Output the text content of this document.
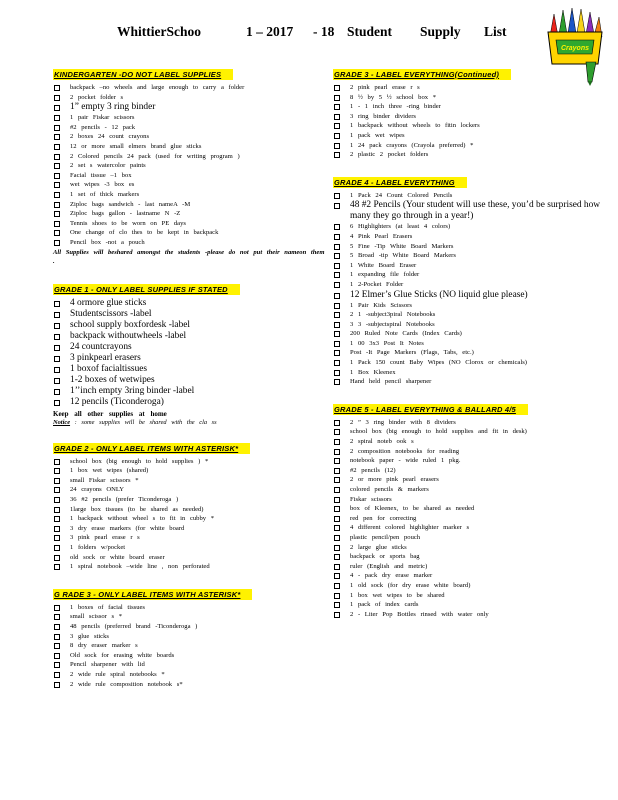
WhittierSchoo	1 – 2017 - 18 Student Supply List
Crayons
KINDERGARTEN -DO NOT LABEL SUPPLIES
backpack –no wheels and large enough to carry a folder
2 pocket folder s
1” empty 3 ring binder
1 pair Fiskar scissors
#2 pencils - 12 pack
2 boxes 24 count crayons
12 or more small elmers brand glue sticks
2 Colored pencils 24 pack (used for writing program )
2 set s watercolor paints
Facial tissue –1 box
wet wipes -3 box es
1 set of thick markers
Ziploc bags sandwich - last nameA -M
Ziploc bags gallon - lastname N -Z
Tennis shoes to be worn on PE days
One change of clo thes to be kept in backpack
Pencil box -not a pouch
All Supplies will beshared amongst the students -please do not put their nameon them .
GRADE 1 - ONLY LABEL SUPPLIES IF STATED
4 ormore glue sticks
Studentscissors -label
school supply boxfordesk -label
backpack withoutwheels -label
24 countcrayons
3 pinkpearl erasers
1 boxof facialtissues
1-2 boxes of wetwipes
1’’inch empty 3ring binder -label
12 pencils (Ticonderoga)
Keep all other supplies at home
Notice : some supplies will be shared with the cla ss
GRADE 2 - ONLY LABEL ITEMS WITH ASTERISK*
school box (big enough to hold supplies ) *
1 box wet wipes (shared)
small Fiskar scissors *
24 crayons ONLY
36 #2 pencils (prefer Ticonderoga )
1large box tissues (to be shared as needed)
1 backpack without wheel s to fit in cubby *
3 dry erase markers (for white board
3 pink pearl erase r s
1 folders w/pocket
old sock or white board eraser
1 spiral notebook –wide line , non perforated
G RADE 3 - ONLY LABEL ITEMS WITH ASTERISK*
1 boxes of facial tissues
small scissor s *
48 pencils (preferred brand -Ticonderoga )
3 glue sticks
8 dry eraser marker s
Old sock for erasing white boards
Pencil sharpener with lid
2 wide rule spiral notebooks *
2 wide rule composition notebook s*
GRADE 3 - LABEL EVERYTHING(Continued)
2 pink pearl erase r s
8 ½ by 5 ½ school box *
1 - 1 inch three -ring binder
3 ring binder dividers
1 backpack without wheels to fitin lockers
1 pack wet wipes
1 24 pack crayons (Crayola preferred) *
2 plastic 2 pocket folders
GRADE 4 - LABEL EVERYTHING
1 Pack 24 Count Colored Pencils
48 #2 Pencils (Your student will use these, you’d be surprised how many they go through in a year!)
6 Highlighters (at least 4 colors)
4 Pink Pearl Erasers
5 Fine -Tip White Board Markers
5 Broad -tip White Board Markers
1 White Board Eraser
1 expanding file folder
1 2-Pocket Folder
12 Elmer’s Glue Sticks (NO liquid glue please)
1 Pair Kids Scissors
2 1 -subject3piral Notebooks
3 3 -subjectspiral Notebooks
200 Ruled Note Cards (Index Cards)
1 00 3x3 Post It Notes
Post -It Page Markers (Flags, Tabs, etc.)
1 Pack 150 count Baby Wipes (NO Clorox or chemicals)
1 Box Kleenex
Hand held pencil sharpener
GRADE 5 - LABEL EVERYTHING & BALLARD 4/5
2 ” 3 ring binder with 8 dividers
school box (big enough to hold supplies and fit in desk)
2 spiral noteb ook s
2 composition notebooks for reading
notebook paper - wide ruled 1 pkg.
#2 pencils (12)
2 or more pink pearl erasers
colored pencils & markers
Fiskar scissors
box of Kleenex, to be shared as needed
red pen for correcting
4 different colored highlighter marker s
plastic pencil/pen pouch
2 large glue sticks
backpack or sports bag
ruler (English and metric)
4 - pack dry erase marker
1 old sock (for dry erase white board)
1 box wet wipes to be shared
1 pack of index cards
2 - Liter Pop Bottles rinsed with water only
